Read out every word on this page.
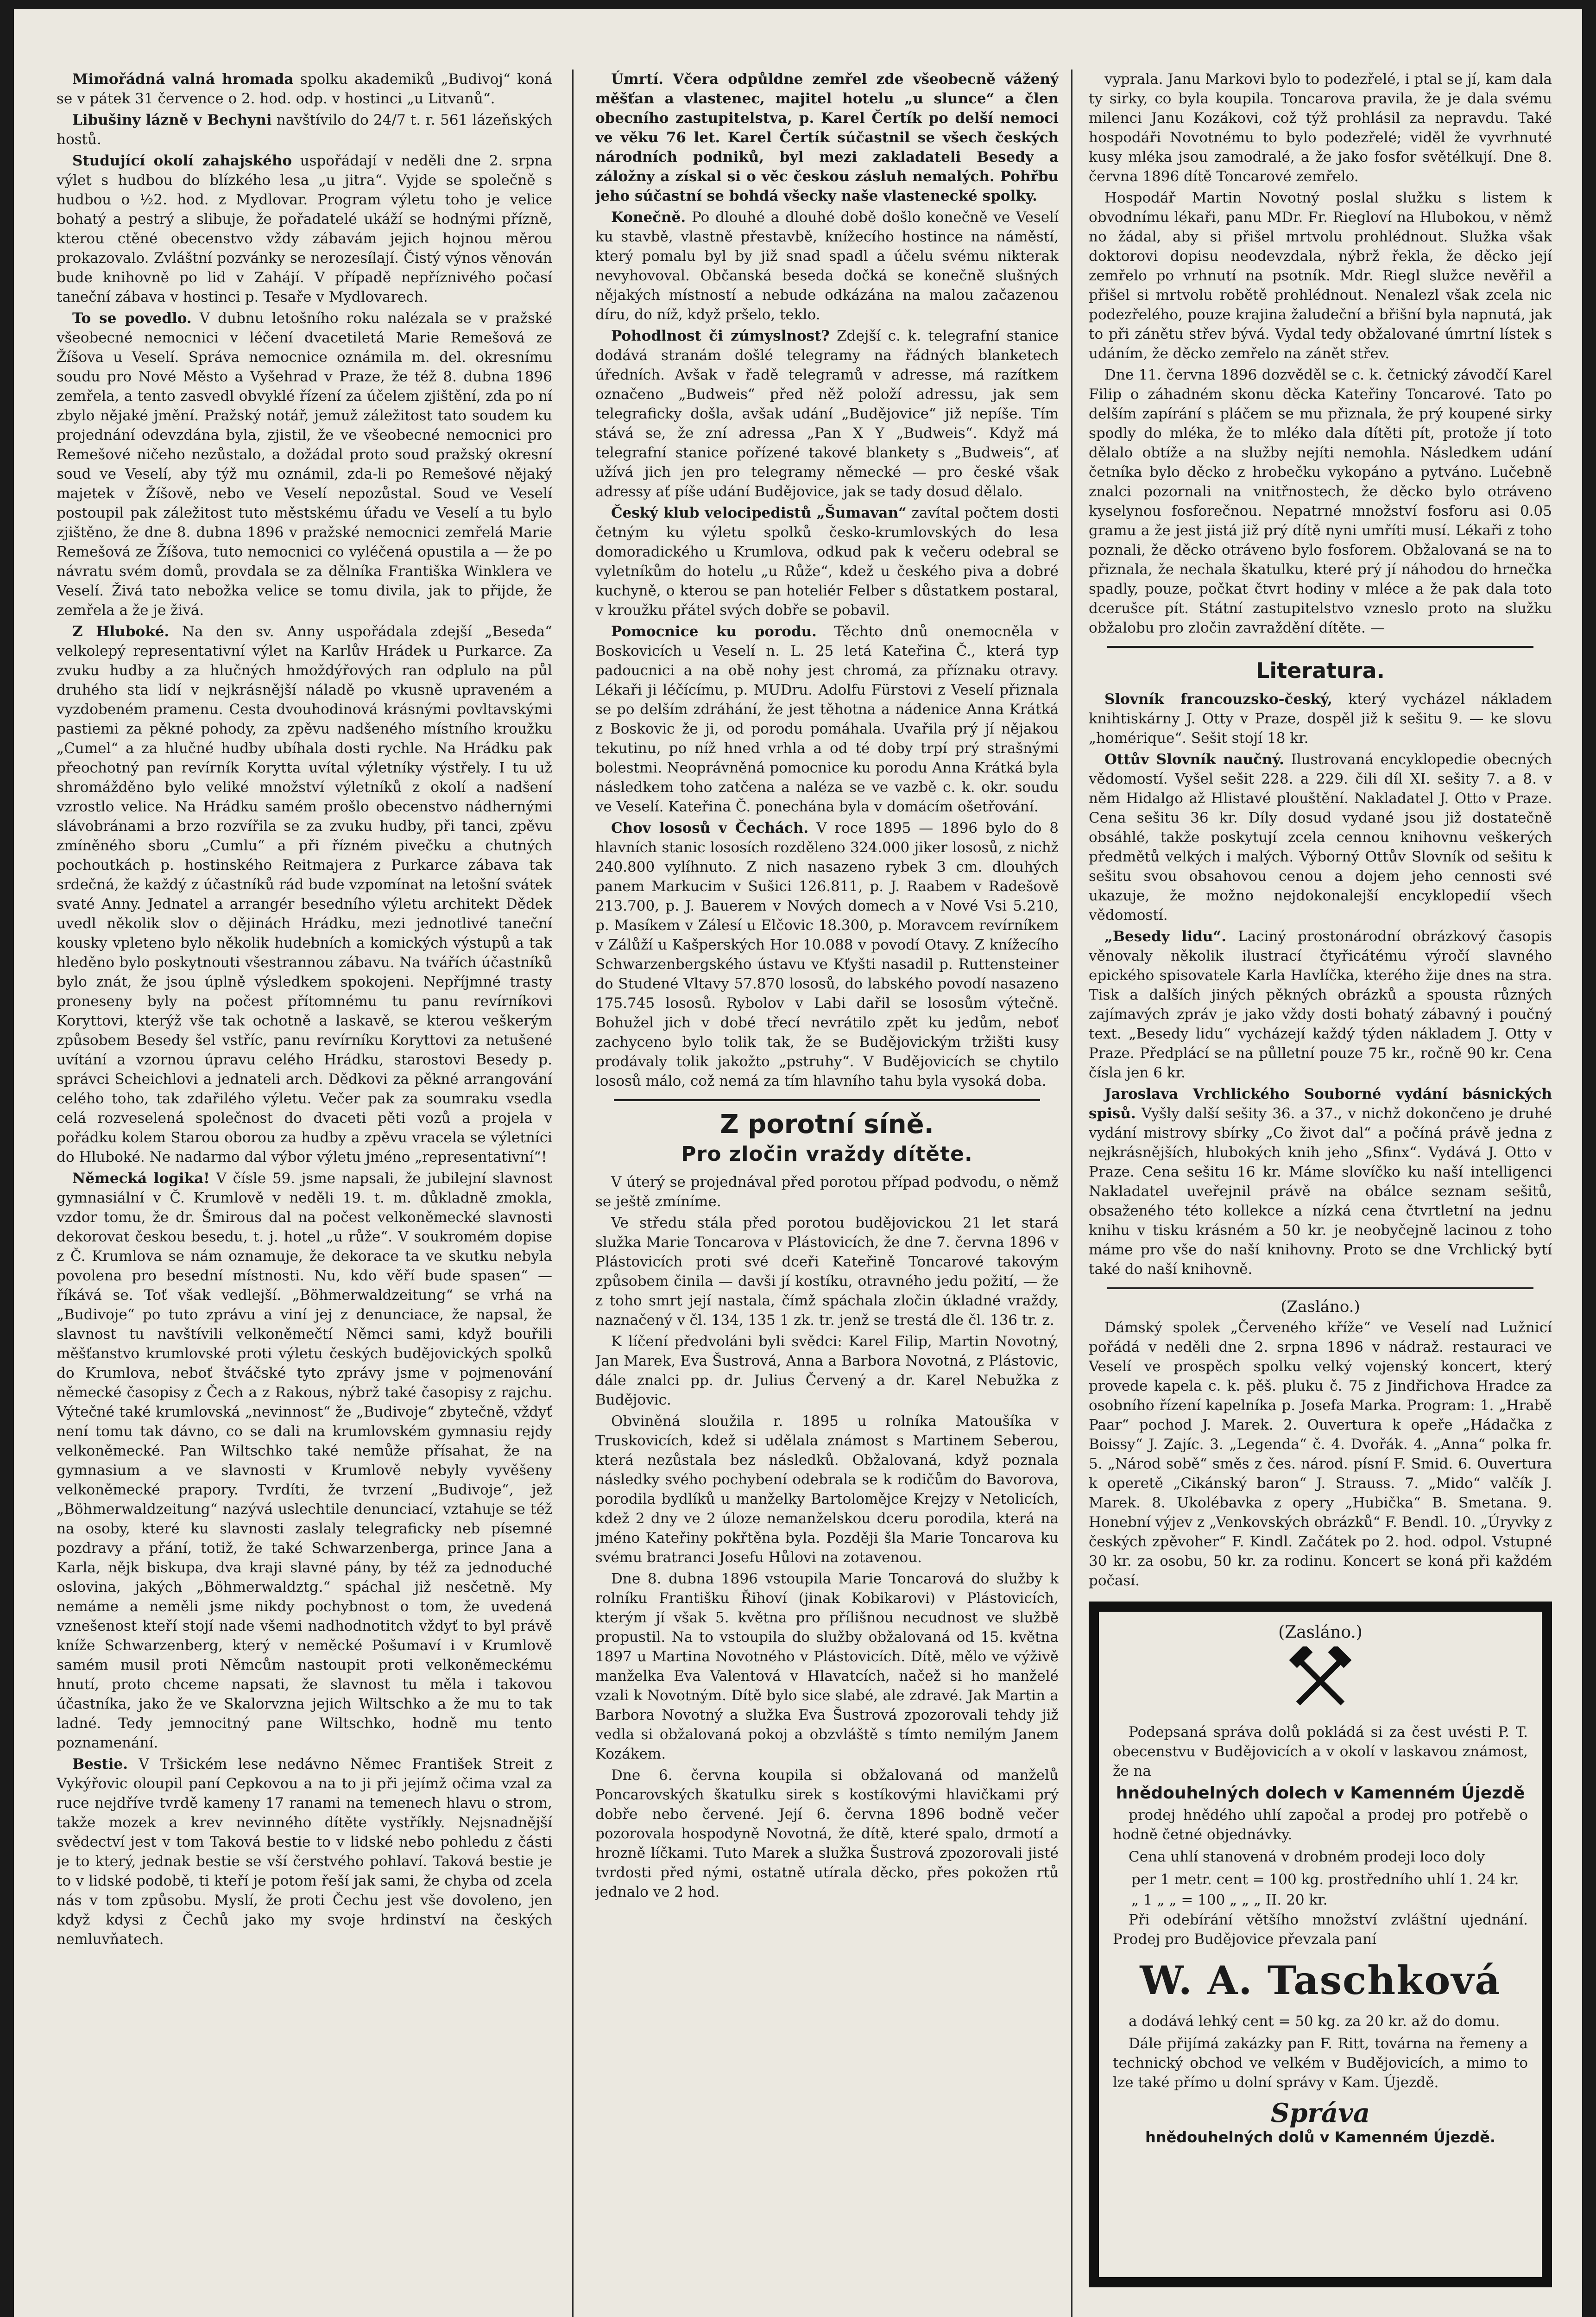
Mimořádná valná hromada spolku akademiků „Budivoj“ koná se v pátek 31 července o 2. hod. odp. v hostinci „u Litvanů“.

Libušiny lázně v Bechyni navštívilo do 24/7 t. r. 561 lázeňských hostů.

Studující okolí zahajského uspořádají v neděli dne 2. srpna výlet s hudbou do blízkého lesa „u jitra“. Vyjde se společně s hudbou o ½2. hod. z Mydlovar. Program výletu toho je velice bohatý a pestrý a slibuje, že pořadatelé ukáží se hodnými přízně, kterou ctěné obecenstvo vždy zábavám jejich hojnou měrou prokazovalo. Zvláštní pozvánky se nerozesílají. Čistý výnos věnován bude knihovně po lid v Zahájí. V případě nepříznivého počasí taneční zábava v hostinci p. Tesaře v Mydlovarech.

To se povedlo. V dubnu letošního roku nalézala se v pražské všeobecné nemocnici v léčení dvacetiletá Marie Remešová ze Žíšova u Veselí. Správa nemocnice oznámila m. del. okresnímu soudu pro Nové Město a Vyšehrad v Praze, že též 8. dubna 1896 zemřela, a tento zasvedl obvyklé řízení za účelem zjištění, zda po ní zbylo nějaké jmění. Pražský notář, jemuž záležitost tato soudem ku projednání odevzdána byla, zjistil, že ve všeobecné nemocnici pro Remešové ničeho nezůstalo, a dožádal proto soud pražský okresní soud ve Veselí, aby týž mu oznámil, zda-li po Remešové nějaký majetek v Žíšově, nebo ve Veselí nepozůstal. Soud ve Veselí postoupil pak záležitost tuto městskému úřadu ve Veselí a tu bylo zjištěno, že dne 8. dubna 1896 v pražské nemocnici zemřelá Marie Remešová ze Žíšova, tuto nemocnici co vyléčená opustila a — že po návratu svém domů, provdala se za dělníka Františka Winklera ve Veselí. Živá tato nebožka velice se tomu divila, jak to přijde, že zemřela a že je živá.

Z Hluboké. Na den sv. Anny uspořádala zdejší „Beseda“ velkolepý representativní výlet na Karlův Hrádek u Purkarce. Za zvuku hudby a za hlučných hmoždýřových ran odplulo na půl druhého sta lidí v nejkrásnější náladě po vkusně upraveném a vyzdobeném pramenu. Cesta dvouhodinová krásnými povltavskými pastiemi za pěkné pohody, za zpěvu nadšeného místního kroužku „Cumel“ a za hlučné hudby ubíhala dosti rychle. Na Hrádku pak přeochotný pan revírník Korytta uvítal výletníky výstřely. I tu už shromážděno bylo veliké množství výletníků z okolí a nadšení vzrostlo velice. Na Hrádku samém prošlo obecenstvo nádhernými slávobránami a brzo rozvířila se za zvuku hudby, při tanci, zpěvu zmíněného sboru „Cumlu“ a při řízném pivečku a chutných pochoutkách p. hostinského Reitmajera z Purkarce zábava tak srdečná, že každý z účastníků rád bude vzpomínat na letošní svátek svaté Anny. Jednatel a arrangér besedního výletu architekt Dědek uvedl několik slov o dějinách Hrádku, mezi jednotlivé taneční kousky vpleteno bylo několik hudebních a komických výstupů a tak hleděno bylo poskytnouti všestrannou zábavu. Na tvářích účastníků bylo znát, že jsou úplně výsledkem spokojeni. Nepříjmné trasty proneseny byly na počest přítomnému tu panu revírníkovi Koryttovi, kterýž vše tak ochotně a laskavě, se kterou veškerým způsobem Besedy šel vstříc, panu revírníku Koryttovi za netušené uvítání a vzornou úpravu celého Hrádku, starostovi Besedy p. správci Scheichlovi a jednateli arch. Dědkovi za pěkné arrangování celého toho, tak zdařilého výletu. Večer pak za soumraku vsedla celá rozveselená společnost do dvaceti pěti vozů a projela v pořádku kolem Starou oborou za hudby a zpěvu vracela se výletníci do Hluboké. Ne nadarmo dal výbor výletu jméno „representativní“!

Německá logika! V čísle 59. jsme napsali, že jubilejní slavnost gymnasiální v Č. Krumlově v neděli 19. t. m. důkladně zmokla, vzdor tomu, že dr. Šmirous dal na počest velkoněmecké slavnosti dekorovat českou besedu, t. j. hotel „u růže“. V soukromém dopise z Č. Krumlova se nám oznamuje, že dekorace ta ve skutku nebyla povolena pro besední místnosti. Nu, kdo věří bude spasen“ — říkává se. Toť však vedlejší. „Böhmerwaldzeitung“ se vrhá na „Budivoje“ po tuto zprávu a viní jej z denunciace, že napsal, že slavnost tu navštívili velkoněmečtí Němci sami, když bouřili měšťanstvo krumlovské proti výletu českých budějovických spolků do Krumlova, neboť štváčské tyto zprávy jsme v pojmenování německé časopisy z Čech a z Rakous, nýbrž také časopisy z rajchu. Výtečné také krumlovská „nevinnost“ že „Budivoje“ zbytečně, vždyť není tomu tak dávno, co se dali na krumlovském gymnasiu rejdy velkoněmecké. Pan Wiltschko také nemůže přísahat, že na gymnasium a ve slavnosti v Krumlově nebyly vyvěšeny velkoněmecké prapory. Tvrdíti, že tvrzení „Budivoje“, jež „Böhmerwaldzeitung“ nazývá uslechtile denunciací, vztahuje se též na osoby, které ku slavnosti zaslaly telegraficky neb písemné pozdravy a přání, totiž, že také Schwarzenberga, prince Jana a Karla, nějk biskupa, dva kraji slavné pány, by též za jednoduché oslovina, jakých „Böhmerwaldztg.“ spáchal již nesčetně. My nemáme a neměli jsme nikdy pochybnost o tom, že uvedená vznešenost kteří stojí nade všemi nadhodnotitch vždyť to byl právě kníže Schwarzenberg, který v neměcké Pošumaví i v Krumlově samém musil proti Němcům nastoupit proti velkoněmeckému hnutí, proto chceme napsati, že slavnost tu měla i takovou účastníka, jako že ve Skalorvzna jejich Wiltschko a že mu to tak ladné. Tedy jemnocitný pane Wiltschko, hodně mu tento poznamenání.

Bestie. V Tršickém lese nedávno Němec František Streit z Vykýřovic oloupil paní Cepkovou a na to ji při jejímž očima vzal za ruce nejdříve tvrdě kameny 17 ranami na temenech hlavu o strom, takže mozek a krev nevinného dítěte vystříkly. Nejsnadnější svědectví jest v tom Taková bestie to v lidské nebo pohledu z části je to který, jednak bestie se vší čerstvého pohlaví. Taková bestie je to v lidské podobě, ti kteří je potom řeší jak sami, že chyba od zcela nás v tom způsobu. Myslí, že proti Čechu jest vše dovoleno, jen když kdysi z Čechů jako my svoje hrdinství na českých nemluvňatech.

Úmrtí. Včera odpůldne zemřel zde všeobecně vážený měšťan a vlastenec, majitel hotelu „u slunce“ a člen obecního zastupitelstva, p. Karel Čertík po delší nemoci ve věku 76 let. Karel Čertík súčastnil se všech českých národních podniků, byl mezi zakladateli Besedy a záložny a získal si o věc českou zásluh nemalých. Pohřbu jeho súčastní se bohdá všecky naše vlastenecké spolky.

Konečně. Po dlouhé a dlouhé době došlo konečně ve Veselí ku stavbě, vlastně přestavbě, knížecího hostince na náměstí, který pomalu byl by již snad spadl a účelu svému nikterak nevyhovoval. Občanská beseda dočká se konečně slušných nějakých místností a nebude odkázána na malou začazenou díru, do níž, když pršelo, teklo.

Pohodlnost či zúmyslnost? Zdejší c. k. telegrafní stanice dodává stranám došlé telegramy na řádných blanketech úředních. Avšak v řadě telegramů v adresse, má razítkem označeno „Budweis“ před něž položí adressu, jak sem telegraficky došla, avšak udání „Budějovice“ již nepíše. Tím stává se, že zní adressa „Pan X Y „Budweis“. Když má telegrafní stanice pořízené takové blankety s „Budweis“, ať užívá jich jen pro telegramy německé — pro české však adressy ať píše udání Budějovice, jak se tady dosud dělalo.

Český klub velocipedistů „Šumavan“ zavítal počtem dosti četným ku výletu spolků česko-krumlovských do lesa domoradického u Krumlova, odkud pak k večeru odebral se vyletníkům do hotelu „u Růže“, kdež u českého piva a dobré kuchyně, o kterou se pan hoteliér Felber s důstatkem postaral, v kroužku přátel svých dobře se pobavil.

Pomocnice ku porodu. Těchto dnů onemocněla v Boskovicích u Veselí n. L. 25 letá Kateřina Č., která typ padoucnici a na obě nohy jest chromá, za příznaku otravy. Lékaři ji léčícímu, p. MUDru. Adolfu Fürstovi z Veselí přiznala se po delším zdráhání, že jest těhotna a nádenice Anna Krátká z Boskovic že ji, od porodu pomáhala. Uvařila prý jí nějakou tekutinu, po níž hned vrhla a od té doby trpí prý strašnými bolestmi. Neoprávněná pomocnice ku porodu Anna Krátká byla následkem toho zatčena a naléza se ve vazbě c. k. okr. soudu ve Veselí. Kateřina Č. ponechána byla v domácím ošetřování.

Chov lososů v Čechách. V roce 1895 — 1896 bylo do 8 hlavních stanic lososích rozděleno 324.000 jiker lososů, z nichž 240.800 vylíhnuto. Z nich nasazeno rybek 3 cm. dlouhých panem Markucim v Sušici 126.811, p. J. Raabem v Radešově 213.700, p. J. Bauerem v Nových domech a v Nové Vsi 5.210, p. Masíkem v Zálesí u Elčovic 18.300, p. Moravcem revírníkem v Zálůží u Kašperských Hor 10.088 v povodí Otavy. Z knížecího Schwarzenbergského ústavu ve Kťyšti nasadil p. Ruttensteiner do Studené Vltavy 57.870 lososů, do labského povodí nasazeno 175.745 lososů. Rybolov v Labi dařil se lososům výtečně. Bohužel jich v dobé třecí nevrátilo zpět ku jedům, neboť zachyceno bylo tolik tak, že se Budějovickým tržišti kusy prodávaly tolik jakožto „pstruhy“. V Budějovicích se chytilo lososů málo, což nemá za tím hlavního tahu byla vysoká doba.

Z porotní síně.
Pro zločin vraždy dítěte.

V úterý se projednával před porotou případ podvodu, o němž se ještě zmíníme.

Ve středu stála před porotou budějovickou 21 let stará služka Marie Toncarova v Plástovicích, že dne 7. června 1896 v Plástovicích proti své dceři Kateřině Toncarové takovým způsobem činila — davši jí kostíku, otravného jedu požití, — že z toho smrt její nastala, čímž spáchala zločin úkladné vraždy, naznačený v čl. 134, 135 1 zk. tr. jenž se trestá dle čl. 136 tr. z.

K líčení předvoláni byli svědci: Karel Filip, Martin Novotný, Jan Marek, Eva Šustrová, Anna a Barbora Novotná, z Plástovic, dále znalci pp. dr. Julius Červený a dr. Karel Nebužka z Budějovic.

Obviněná sloužila r. 1895 u rolníka Matoušíka v Truskovicích, kdež si udělala známost s Martinem Seberou, která nezůstala bez následků. Obžalovaná, když poznala následky svého pochybení odebrala se k rodičům do Bavorova, porodila bydlíků u manželky Bartolomějce Krejzy v Netolicích, kdež 2 dny ve 2 úloze nemanželskou dceru porodila, která na jméno Kateřiny pokřtěna byla. Později šla Marie Toncarova ku svému bratranci Josefu Hůlovi na zotavenou.

Dne 8. dubna 1896 vstoupila Marie Toncarová do služby k rolníku Františku Řihoví (jinak Kobikarovi) v Plástovicích, kterým jí však 5. května pro přílišnou necudnost ve službě propustil. Na to vstoupila do služby obžalovaná od 15. května 1897 u Martina Novotného v Plástovicích. Dítě, mělo ve výživě manželka Eva Valentová v Hlavatcích, načež si ho manželé vzali k Novotným. Dítě bylo sice slabé, ale zdravé. Jak Martin a Barbora Novotný a služka Eva Šustrová zpozorovali tehdy již vedla si obžalovaná pokoj a obzvláště s tímto nemilým Janem Kozákem.

Dne 6. června koupila si obžalovaná od manželů Poncarovských škatulku sirek s kostíkovými hlavičkami prý dobře nebo červené. Její 6. června 1896 bodně večer pozorovala hospodyně Novotná, že dítě, které spalo, drmotí a hrozně líčkami. Tuto Marek a služka Šustrová zpozorovali jisté tvrdosti před nými, ostatně utírala děcko, přes pokožen rtů jednalo ve 2 hod.

vyprala. Janu Markovi bylo to podezřelé, i ptal se jí, kam dala ty sirky, co byla koupila. Toncarova pravila, že je dala svému milenci Janu Kozákovi, což týž prohlásil za nepravdu. Také hospodáři Novotnému to bylo podezřelé; viděl že vyvrhnuté kusy mléka jsou zamodralé, a že jako fosfor světélkují. Dne 8. června 1896 dítě Toncarové zemřelo.

Hospodář Martin Novotný poslal služku s listem k obvodnímu lékaři, panu MDr. Fr. Riegloví na Hlubokou, v němž no žádal, aby si přišel mrtvolu prohlédnout. Služka však doktorovi dopisu neodevzdala, nýbrž řekla, že děcko její zemřelo po vrhnutí na psotník. Mdr. Riegl služce nevěřil a přišel si mrtvolu robětě prohlédnout. Nenalezl však zcela nic podezřelého, pouze krajina žaludeční a břišní byla napnutá, jak to při zánětu střev bývá. Vydal tedy obžalované úmrtní lístek s udáním, že děcko zemřelo na zánět střev.

Dne 11. června 1896 dozvěděl se c. k. četnický závodčí Karel Filip o záhadném skonu děcka Kateřiny Toncarové. Tato po delším zapírání s pláčem se mu přiznala, že prý koupené sirky spodly do mléka, že to mléko dala dítěti pít, protože jí toto dělalo obtíže a na služby nejíti nemohla. Následkem udání četníka bylo děcko z hrobečku vykopáno a pytváno. Lučebně znalci pozornali na vnitřnostech, že děcko bylo otráveno kyselynou fosforečnou. Nepatrné množství fosforu asi 0.05 gramu a že jest jistá již prý dítě nyni umříti musí. Lékaři z toho poznali, že děcko otráveno bylo fosforem. Obžalovaná se na to přiznala, že nechala škatulku, které prý jí náhodou do hrnečka spadly, pouze, počkat čtvrt hodiny v mléce a že pak dala toto dcerušce pít. Státní zastupitelstvo vzneslo proto na služku obžalobu pro zločin zavraždění dítěte. —

Literatura.

Slovník francouzsko-český, který vycházel nákladem knihtiskárny J. Otty v Praze, dospěl již k sešitu 9. — ke slovu „homérique“. Sešit stojí 18 kr.

Ottův Slovník naučný. Ilustrovaná encyklopedie obecných vědomostí. Vyšel sešit 228. a 229. čili díl XI. sešity 7. a 8. v něm Hidalgo až Hlistavé plouštění. Nakladatel J. Otto v Praze. Cena sešitu 36 kr. Díly dosud vydané jsou již dostatečně obsáhlé, takže poskytují zcela cennou knihovnu veškerých předmětů velkých i malých. Výborný Ottův Slovník od sešitu k sešitu svou obsahovou cenou a dojem jeho cennosti své ukazuje, že možno nejdokonalejší encyklopedií všech vědomostí.

„Besedy lidu“. Laciný prostonárodní obrázkový časopis věnovaly několik ilustrací čtyřicátému výročí slavného epického spisovatele Karla Havlíčka, kterého žije dnes na stra. Tisk a dalších jiných pěkných obrázků a spousta různých zajímavých zpráv je jako vždy dosti bohatý zábavný i poučný text. „Besedy lidu“ vycházejí každý týden nákladem J. Otty v Praze. Předplácí se na půlletní pouze 75 kr., ročně 90 kr. Cena čísla jen 6 kr.

Jaroslava Vrchlického Souborné vydání básnických spisů. Vyšly další sešity 36. a 37., v nichž dokončeno je druhé vydání mistrovy sbírky „Co život dal“ a počíná právě jedna z nejkrásnějších, hlubokých knih jeho „Sfinx“. Vydává J. Otto v Praze. Cena sešitu 16 kr. Máme slovíčko ku naší intelligenci Nakladatel uveřejnil právě na obálce seznam sešitů, obsaženého této kollekce a nízká cena čtvrtletní na jednu knihu v tisku krásném a 50 kr. je neobyčejně lacinou z toho máme pro vše do naší knihovny. Proto se dne Vrchlický bytí také do naší knihovně.

(Zasláno.)

Dámský spolek „Červeného kříže“ ve Veselí nad Lužnicí pořádá v neděli dne 2. srpna 1896 v nádraž. restauraci ve Veselí ve prospěch spolku velký vojenský koncert, který provede kapela c. k. pěš. pluku č. 75 z Jindřichova Hradce za osobního řízení kapelníka p. Josefa Marka. Program: 1. „Hrabě Paar“ pochod J. Marek. 2. Ouvertura k opeře „Hádačka z Boissy“ J. Zajíc. 3. „Legenda“ č. 4. Dvořák. 4. „Anna“ polka fr. 5. „Národ sobě“ směs z čes. národ. písní F. Smid. 6. Ouvertura k operetě „Cikánský baron“ J. Strauss. 7. „Mido“ valčík J. Marek. 8. Ukolébavka z opery „Hubička“ B. Smetana. 9. Honební výjev z „Venkovských obrázků“ F. Bendl. 10. „Úryvky z českých zpěvoher“ F. Kindl. Začátek po 2. hod. odpol. Vstupné 30 kr. za osobu, 50 kr. za rodinu. Koncert se koná při každém počasí.

(Zasláno.)

Podepsaná správa dolů pokládá si za čest uvésti P. T. obecenstvu v Budějovicích a v okolí v laskavou známost, že na

hnědouhelných dolech v Kamenném Újezdě

prodej hnědého uhlí započal a prodej pro potřebě o hodně četné objednávky.

Cena uhlí stanovená v drobném prodeji loco doly

per 1 metr. cent = 100 kg. prostředního uhlí 1. 24 kr.
„ 1 „ „ = 100 „ „ „ II. 20 kr.

Při odebírání většího množství zvláštní ujednání. Prodej pro Budějovice převzala paní

W. A. Taschková

a dodává lehký cent = 50 kg. za 20 kr. až do domu.

Dále přijímá zakázky pan F. Ritt, továrna na řemeny a technický obchod ve velkém v Budějovicích, a mimo to lze také přímo u dolní správy v Kam. Újezdě.

Správa
hnědouhelných dolů v Kamenném Újezdě.
